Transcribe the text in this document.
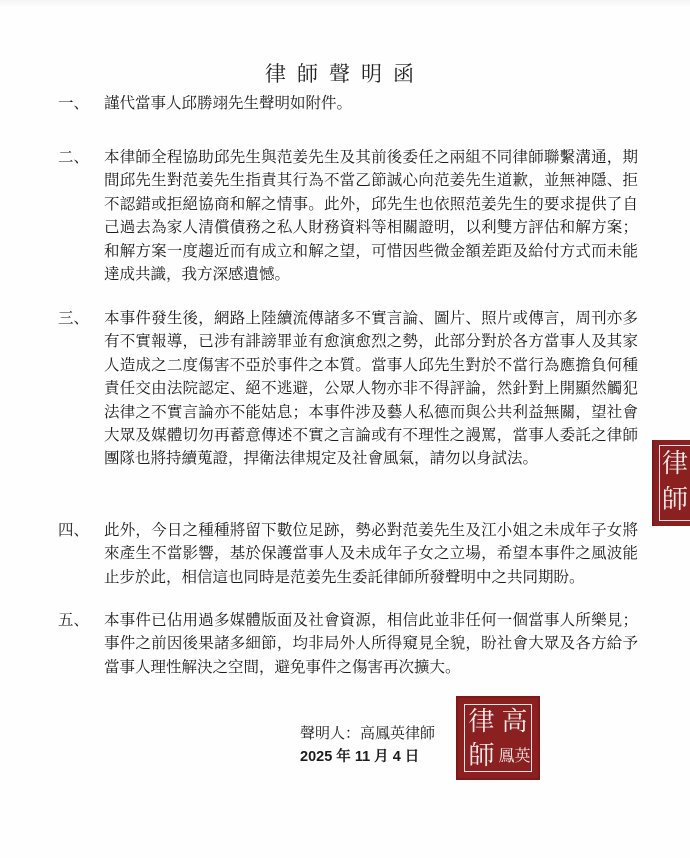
律師聲明函
一、 謹代當事人邱勝翊先生聲明如附件。
二、 本律師全程協助邱先生與范姜先生及其前後委任之兩組不同律師聯繫溝通，期間邱先生對范姜先生指責其行為不當乙節誠心向范姜先生道歉，並無神隱、拒不認錯或拒絕協商和解之情事。此外，邱先生也依照范姜先生的要求提供了自己過去為家人清償債務之私人財務資料等相關證明，以利雙方評估和解方案；和解方案一度趨近而有成立和解之望，可惜因些微金額差距及給付方式而未能達成共識，我方深感遺憾。
三、 本事件發生後，網路上陸續流傳諸多不實言論、圖片、照片或傳言，周刊亦多有不實報導，已涉有誹謗罪並有愈演愈烈之勢，此部分對於各方當事人及其家人造成之二度傷害不亞於事件之本質。當事人邱先生對於不當行為應擔負何種責任交由法院認定、絕不逃避，公眾人物亦非不得評論，然針對上開顯然觸犯法律之不實言論亦不能姑息；本事件涉及藝人私德而與公共利益無關，望社會大眾及媒體切勿再蓄意傳述不實之言論或有不理性之謾罵，當事人委託之律師團隊也將持續蒐證，捍衛法律規定及社會風氣，請勿以身試法。
四、 此外，今日之種種將留下數位足跡，勢必對范姜先生及江小姐之未成年子女將來產生不當影響，基於保護當事人及未成年子女之立場，希望本事件之風波能止步於此，相信這也同時是范姜先生委託律師所發聲明中之共同期盼。
五、 本事件已佔用過多媒體版面及社會資源，相信此並非任何一個當事人所樂見；事件之前因後果諸多細節，均非局外人所得窺見全貌，盼社會大眾及各方給予當事人理性解決之空間，避免事件之傷害再次擴大。
聲明人：高鳳英律師
2025 年 11 月 4 日
律 高
師 鳳英
律
師
